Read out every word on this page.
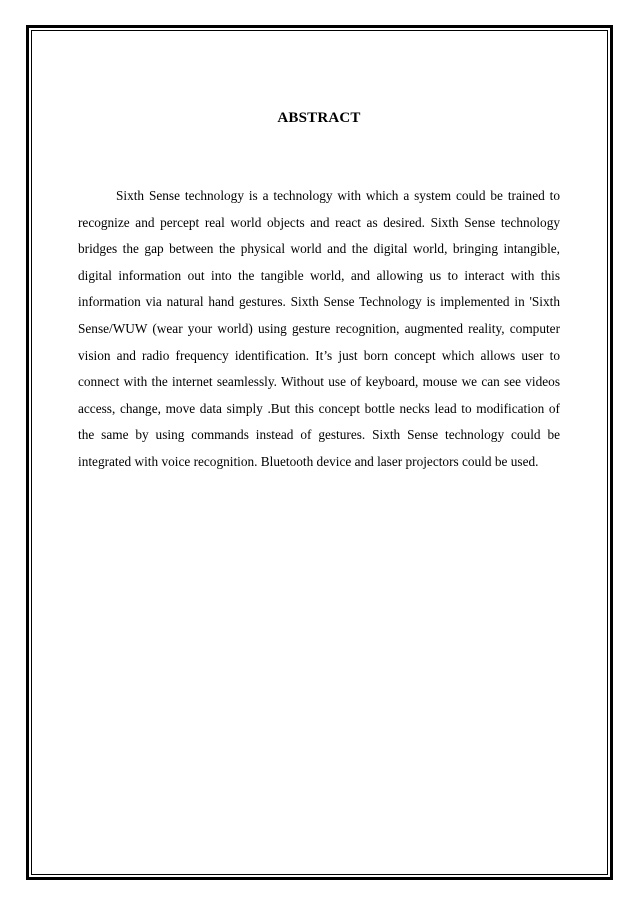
ABSTRACT

Sixth Sense technology is a technology with which a system could be trained to recognize and percept real world objects and react as desired. Sixth Sense technology bridges the gap between the physical world and the digital world, bringing intangible, digital information out into the tangible world, and allowing us to interact with this information via natural hand gestures. Sixth Sense Technology is implemented in 'Sixth Sense/WUW (wear your world) using gesture recognition, augmented reality, computer vision and radio frequency identification. It’s just born concept which allows user to connect with the internet seamlessly. Without use of keyboard, mouse we can see videos access, change, move data simply .But this concept bottle necks lead to modification of the same by using commands instead of gestures. Sixth Sense technology could be integrated with voice recognition. Bluetooth device and laser projectors could be used.
